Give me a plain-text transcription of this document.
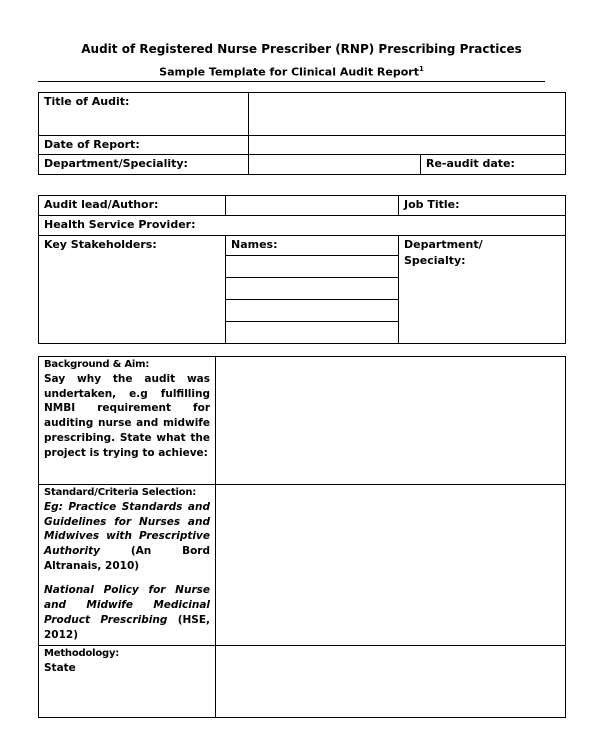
Audit of Registered Nurse Prescriber (RNP) Prescribing Practices
Sample Template for Clinical Audit Report$^1$
Title of Audit:		
Date of Report:		
Department/Speciality:		Re-audit date:
Audit lead/Author:		Job Title:
Health Service Provider:		
Key Stakeholders:	Names:	Department/
Specialty:

Background & Aim:
Say why the audit was undertaken, e.g fulfilling NMBI requirement for auditing nurse and midwife prescribing. State what the project is trying to achieve:	

Standard/Criteria Selection:
Eg: Practice Standards and Guidelines for Nurses and Midwives with Prescriptive Authority (An Bord Altranais, 2010)
National Policy for Nurse and Midwife Medicinal Product Prescribing (HSE, 2012)	

Methodology:
State	
